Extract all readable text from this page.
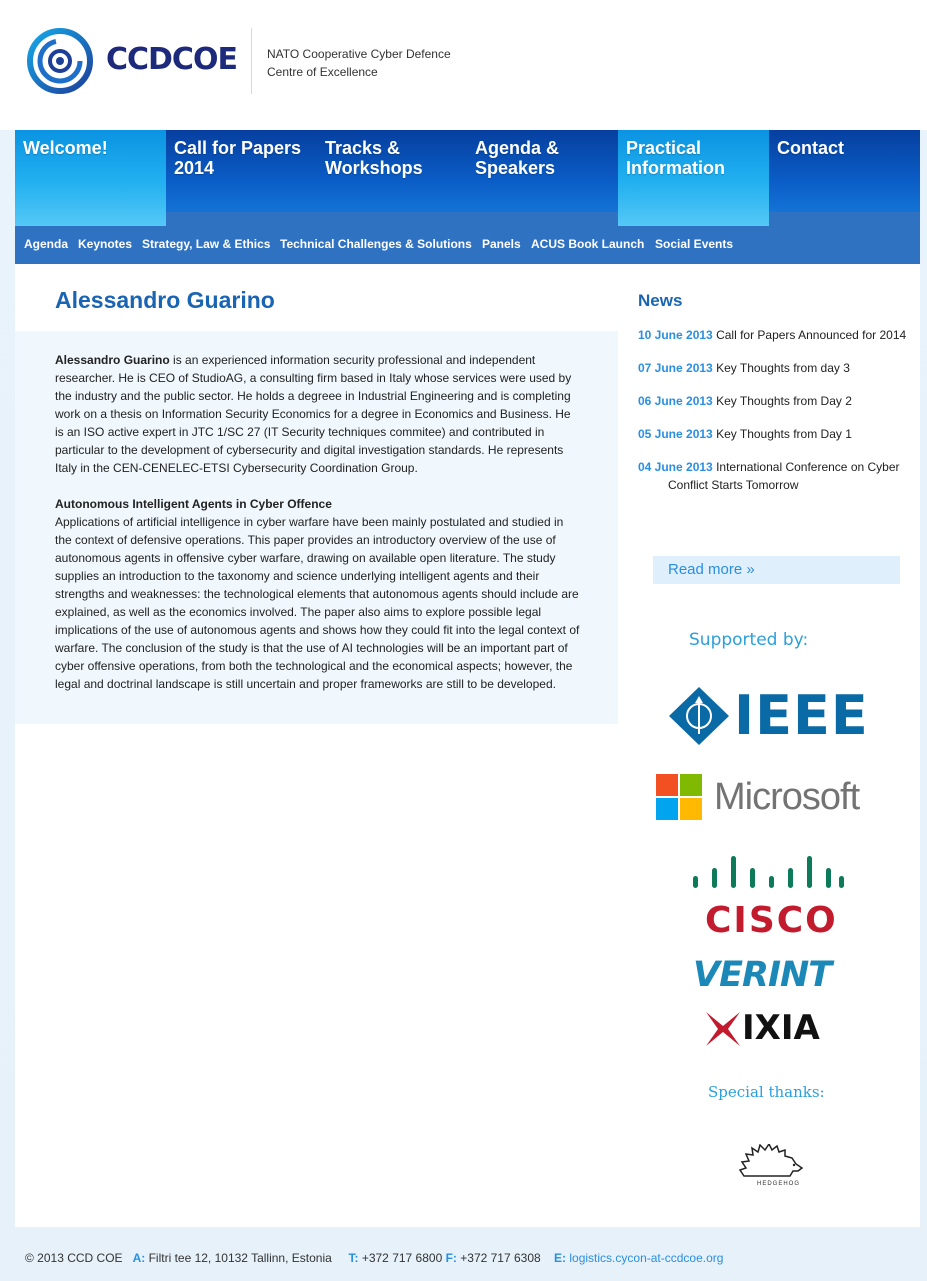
CCDCOE	NATO Cooperative Cyber Defence
Centre of Excellence
Welcome!	Call for Papers 2014
Tracks & Workshops
Agenda & Speakers
Practical Information
Contact
Agenda Keynotes Strategy, Law & Ethics Technical Challenges & Solutions Panels ACUS Book Launch Social Events
Alessandro Guarino

Alessandro Guarino is an experienced information security professional and independent researcher. He is CEO of StudioAG, a consulting firm based in Italy whose services were used by the industry and the public sector. He holds a degreee in Industrial Engineering and is completing work on a thesis on Information Security Economics for a degree in Economics and Business. He is an ISO active expert in JTC 1/SC 27 (IT Security techniques commitee) and contributed in particular to the development of cybersecurity and digital investigation standards. He represents Italy in the CEN-CENELEC-ETSI Cybersecurity Coordination Group.

Autonomous Intelligent Agents in Cyber Offence

Applications of artificial intelligence in cyber warfare have been mainly postulated and studied in the context of defensive operations. This paper provides an introductory overview of the use of autonomous agents in offensive cyber warfare, drawing on available open literature. The study supplies an introduction to the taxonomy and science underlying intelligent agents and their strengths and weaknesses: the technological elements that autonomous agents should include are explained, as well as the economics involved. The paper also aims to explore possible legal implications of the use of autonomous agents and shows how they could fit into the legal context of warfare. The conclusion of the study is that the use of AI technologies will be an important part of cyber offensive operations, from both the technological and the economical aspects; however, the legal and doctrinal landscape is still uncertain and proper frameworks are still to be developed.

News
10 June 2013 Call for Papers Announced for 2014
07 June 2013 Key Thoughts from day 3
06 June 2013 Key Thoughts from Day 2
05 June 2013 Key Thoughts from Day 1
04 June 2013 International Conference on Cyber Conflict Starts Tomorrow
Read more »
Supported by:
IEEE
Microsoft
CISCO
VERINT
IXIA
Special thanks:
HEDGEHOG
© 2013 CCD COE A: Filtri tee 12, 10132 Tallinn, Estonia T: +372 717 6800 F: +372 717 6308 E: logistics.cycon-at-ccdcoe.org
